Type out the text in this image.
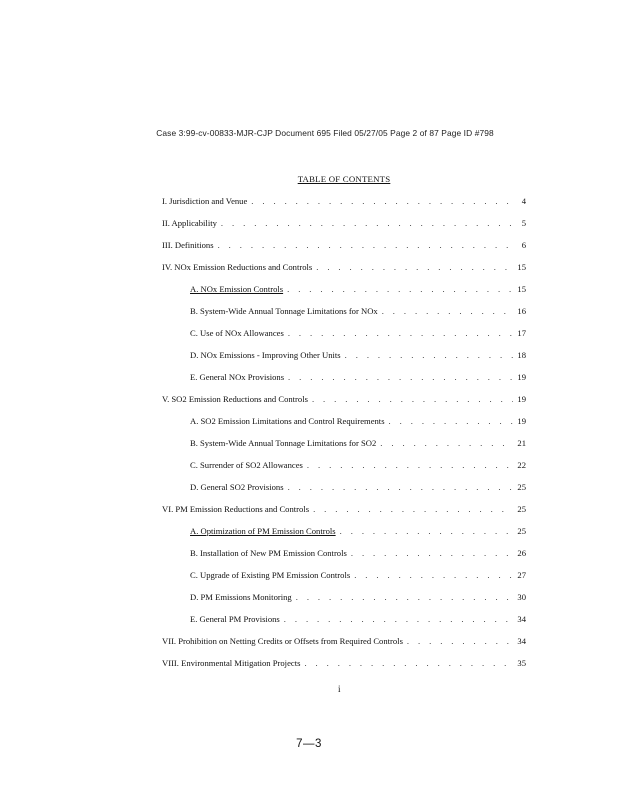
Case 3:99-cv-00833-MJR-CJP Document 695 Filed 05/27/05 Page 2 of 87 Page ID #798
TABLE OF CONTENTS
I. Jurisdiction and Venue . . .	4
II. Applicability . . .	5
III. Definitions . . .	6
IV. NOx Emission Reductions and Controls . . .	15
A. NOx Emission Controls . . .	15
B. System-Wide Annual Tonnage Limitations for NOx . . .	16
C. Use of NOx Allowances . . .	17
D. NOx Emissions - Improving Other Units . . .	18
E. General NOx Provisions . . .	19
V. SO2 Emission Reductions and Controls . . .	19
A. SO2 Emission Limitations and Control Requirements . . .	19
B. System-Wide Annual Tonnage Limitations for SO2 . . .	21
C. Surrender of SO2 Allowances . . .	22
D. General SO2 Provisions . . .	25
VI. PM Emission Reductions and Controls . . .	25
A. Optimization of PM Emission Controls . . .	25
B. Installation of New PM Emission Controls . . .	26
C. Upgrade of Existing PM Emission Controls . . .	27
D. PM Emissions Monitoring . . .	30
E. General PM Provisions . . .	34
VII. Prohibition on Netting Credits or Offsets from Required Controls . . .	34
VIII. Environmental Mitigation Projects . . .	35
i
7—3
